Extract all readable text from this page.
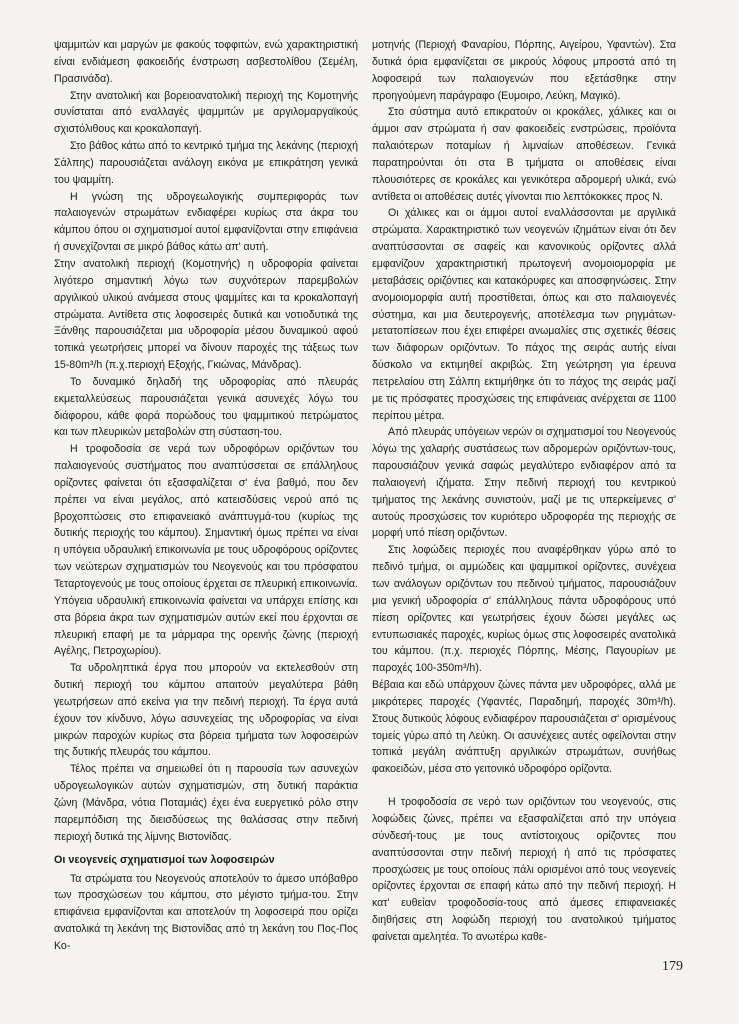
ψαμμιτών και μαργών με φακούς τοφφιτών, ενώ χαρακτηριστική είναι ενδιάμεση φακοειδής ένστρωση ασβεστολίθου (Σεμέλη, Πρασινάδα).

Στην ανατολική και βορειοανατολική περιοχή της Κομοτηνής συνίσταται από εναλλαγές ψαμμιτών με αργιλομαργαϊκούς σχιστόλιθους και κροκαλοπαγή.

Στο βάθος κάτω από το κεντρικό τμήμα της λεκάνης (περιοχή Σάλπης) παρουσιάζεται ανάλογη εικόνα με επικράτηση γενικά του ψαμμίτη.

Η γνώση της υδρογεωλογικής συμπεριφοράς των παλαιογενών στρωμάτων ενδιαφέρει κυρίως στα άκρα του κάμπου όπου οι σχηματισμοί αυτοί εμφανίζονται στην επιφάνεια ή συνεχίζονται σε μικρό βάθος κάτω απ' αυτή.

Στην ανατολική περιοχή (Κομοτηνής) η υδροφορία φαίνεται λιγότερο σημαντική λόγω των συχνότερων παρεμβολών αργιλικού υλικού ανάμεσα στους ψαμμίτες και τα κροκαλοπαγή στρώματα. Αντίθετα στις λοφοσειρές δυτικά και νοτιοδυτικά της Ξάνθης παρουσιάζεται μια υδροφορία μέσου δυναμικού αφού τοπικά γεωτρήσεις μπορεί να δίνουν παροχές της τάξεως των 15-80m³/h (π.χ.περιοχή Εξοχής, Γκιώνας, Μάνδρας).

Το δυναμικό δηλαδή της υδροφορίας από πλευράς εκμεταλλεύσεως παρουσιάζεται γενικά ασυνεχές λόγω του διάφορου, κάθε φορά πορώδους του ψαμμιτικού πετρώματος και των πλευρικών μεταβολών στη σύσταση-του.

Η τροφοδοσία σε νερά των υδροφόρων οριζόντων του παλαιογενούς συστήματος που αναπτύσσεται σε επάλληλους ορίζοντες φαίνεται ότι εξασφαλίζεται σ' ένα βαθμό, που δεν πρέπει να είναι μεγάλος, από κατεισδύσεις νερού από τις βροχοπτώσεις στο επιφανειακό ανάπτυγμά-του (κυρίως της δυτικής περιοχής του κάμπου). Σημαντική όμως πρέπει να είναι η υπόγεια υδραυλική επικοινωνία με τους υδροφόρους ορίζοντες των νεώτερων σχηματισμών του Νεογενούς και του πρόσφατου Τεταρτογενούς με τους οποίους έρχεται σε πλευρική επικοινωνία. Υπόγεια υδραυλική επικοινωνία φαίνεται να υπάρχει επίσης και στα βόρεια άκρα των σχηματισμών αυτών εκεί που έρχονται σε πλευρική επαφή με τα μάρμαρα της ορεινής ζώνης (περιοχή Αγέλης, Πετροχωρίου).

Τα υδροληπτικά έργα που μπορούν να εκτελεσθούν στη δυτική περιοχή του κάμπου απαιτούν μεγαλύτερα βάθη γεωτρήσεων από εκείνα για την πεδινή περιοχή. Τα έργα αυτά έχουν τον κίνδυνο, λόγω ασυνεχείας της υδροφορίας να είναι μικρών παροχών κυρίως στα βόρεια τμήματα των λοφοσειρών της δυτικής πλευράς του κάμπου.

Τέλος πρέπει να σημειωθεί ότι η παρουσία των ασυνεχών υδρογεωλογικών αυτών σχηματισμών, στη δυτική παράκτια ζώνη (Μάνδρα, νότια Ποταμιάς) έχει ένα ευεργετικό ρόλο στην παρεμπόδιση της διεισδύσεως της θαλάσσας στην πεδινή περιοχή δυτικά της λίμνης Βιστονίδας.

Οι νεογενείς σχηματισμοί των λοφοσειρών

Τα στρώματα του Νεογενούς αποτελούν το άμεσο υπόβαθρο των προσχώσεων του κάμπου, στο μέγιστο τμήμα-του. Στην επιφάνεια εμφανίζονται και αποτελούν τη λοφοσειρά που ορίζει ανατολικά τη λεκάνη της Βιστονίδας από τη λεκάνη του Πος-Πος Κο-

μοτηνής (Περιοχή Φαναρίου, Πόρπης, Αιγείρου, Υφαντών). Στα δυτικά όρια εμφανίζεται σε μικρούς λόφους μπροστά από τη λοφοσειρά των παλαιογενών που εξετάσθηκε στην προηγούμενη παράγραφο (Ευμοιρο, Λεύκη, Μαγικό).

Στο σύστημα αυτό επικρατούν οι κροκάλες, χάλικες και οι άμμοι σαν στρώματα ή σαν φακοειδείς ενστρώσεις, προϊόντα παλαιότερων ποταμίων ή λιμναίων αποθέσεων. Γενικά παρατηρούνται ότι στα Β τμήματα οι αποθέσεις είναι πλουσιότερες σε κροκάλες και γενικότερα αδρομερή υλικά, ενώ αντίθετα οι αποθέσεις αυτές γίνονται πιο λεπτόκοκκες προς Ν.

Οι χάλικες και οι άμμοι αυτοί εναλλάσσονται με αργιλικά στρώματα. Χαρακτηριστικό των νεογενών ιζημάτων είναι ότι δεν αναπτύσσονται σε σαφείς και κανονικούς ορίζοντες αλλά εμφανίζουν χαρακτηριστική πρωτογενή ανομοιομορφία με μεταβάσεις οριζόντιες και κατακόρυφες και αποσφηνώσεις. Στην ανομοιομορφία αυτή προστίθεται, όπως και στο παλαιογενές σύστημα, και μια δευτερογενής, αποτέλεσμα των ρηγμάτων-μετατοπίσεων που έχει επιφέρει ανωμαλίες στις σχετικές θέσεις των διάφορων οριζόντων. Το πάχος της σειράς αυτής είναι δύσκολο να εκτιμηθεί ακριβώς. Στη γεώτρηση για έρευνα πετρελαίου στη Σάλπη εκτιμήθηκε ότι το πάχος της σειράς μαζί με τις πρόσφατες προσχώσεις της επιφάνειας ανέρχεται σε 1100 περίπου μέτρα.

Από πλευράς υπόγειων νερών οι σχηματισμοί του Νεογενούς λόγω της χαλαρής συστάσεως των αδρομερών οριζόντων-τους, παρουσιάζουν γενικά σαφώς μεγαλύτερο ενδιαφέρον από τα παλαιογενή ιζήματα. Στην πεδινή περιοχή του κεντρικού τμήματος της λεκάνης συνιστούν, μαζί με τις υπερκείμενες σ' αυτούς προσχώσεις τον κυριότερο υδροφορέα της περιοχής σε μορφή υπό πίεση οριζόντων.

Στις λοφώδεις περιοχές που αναφέρθηκαν γύρω από το πεδινό τμήμα, οι αμμώδεις και ψαμμιτικοί ορίζοντες, συνέχεια των ανάλογων οριζόντων του πεδινού τμήματος, παρουσιάζουν μια γενική υδροφορία σ' επάλληλους πάντα υδροφόρους υπό πίεση ορίζοντες και γεωτρήσεις έχουν δώσει μεγάλες ως εντυπωσιακές παροχές, κυρίως όμως στις λοφοσειρές ανατολικά του κάμπου. (π.χ. περιοχές Πόρπης, Μέσης, Παγουρίων με παροχές 100-350m³/h).

Βέβαια και εδώ υπάρχουν ζώνες πάντα μεν υδροφόρες, αλλά με μικρότερες παροχές (Υφαντές, Παραδημή, παροχές 30m³/h). Στους δυτικούς λόφους ενδιαφέρον παρουσιάζεται σ' ορισμένους τομείς γύρω από τη Λεύκη. Οι ασυνέχειες αυτές οφείλονται στην τοπικά μεγάλη ανάπτυξη αργιλικών στρωμάτων, συνήθως φακοειδών, μέσα στο γειτονικό υδροφόρο ορίζοντα.

Η τροφοδοσία σε νερό των οριζόντων του νεογενούς, στις λοφώδεις ζώνες, πρέπει να εξασφαλίζεται από την υπόγεια σύνδεσή-τους με τους αντίστοιχους ορίζοντες που αναπτύσσονται στην πεδινή περιοχή ή από τις πρόσφατες προσχώσεις με τους οποίους πάλι ορισμένοι από τους νεογενείς ορίζοντες έρχονται σε επαφή κάτω από την πεδινή περιοχή. Η κατ' ευθείαν τροφοδοσία-τους από άμεσες επιφανειακές διηθήσεις στη λοφώδη περιοχή του ανατολικού τμήματος φαίνεται αμελητέα. Το ανωτέρω καθε-

179
